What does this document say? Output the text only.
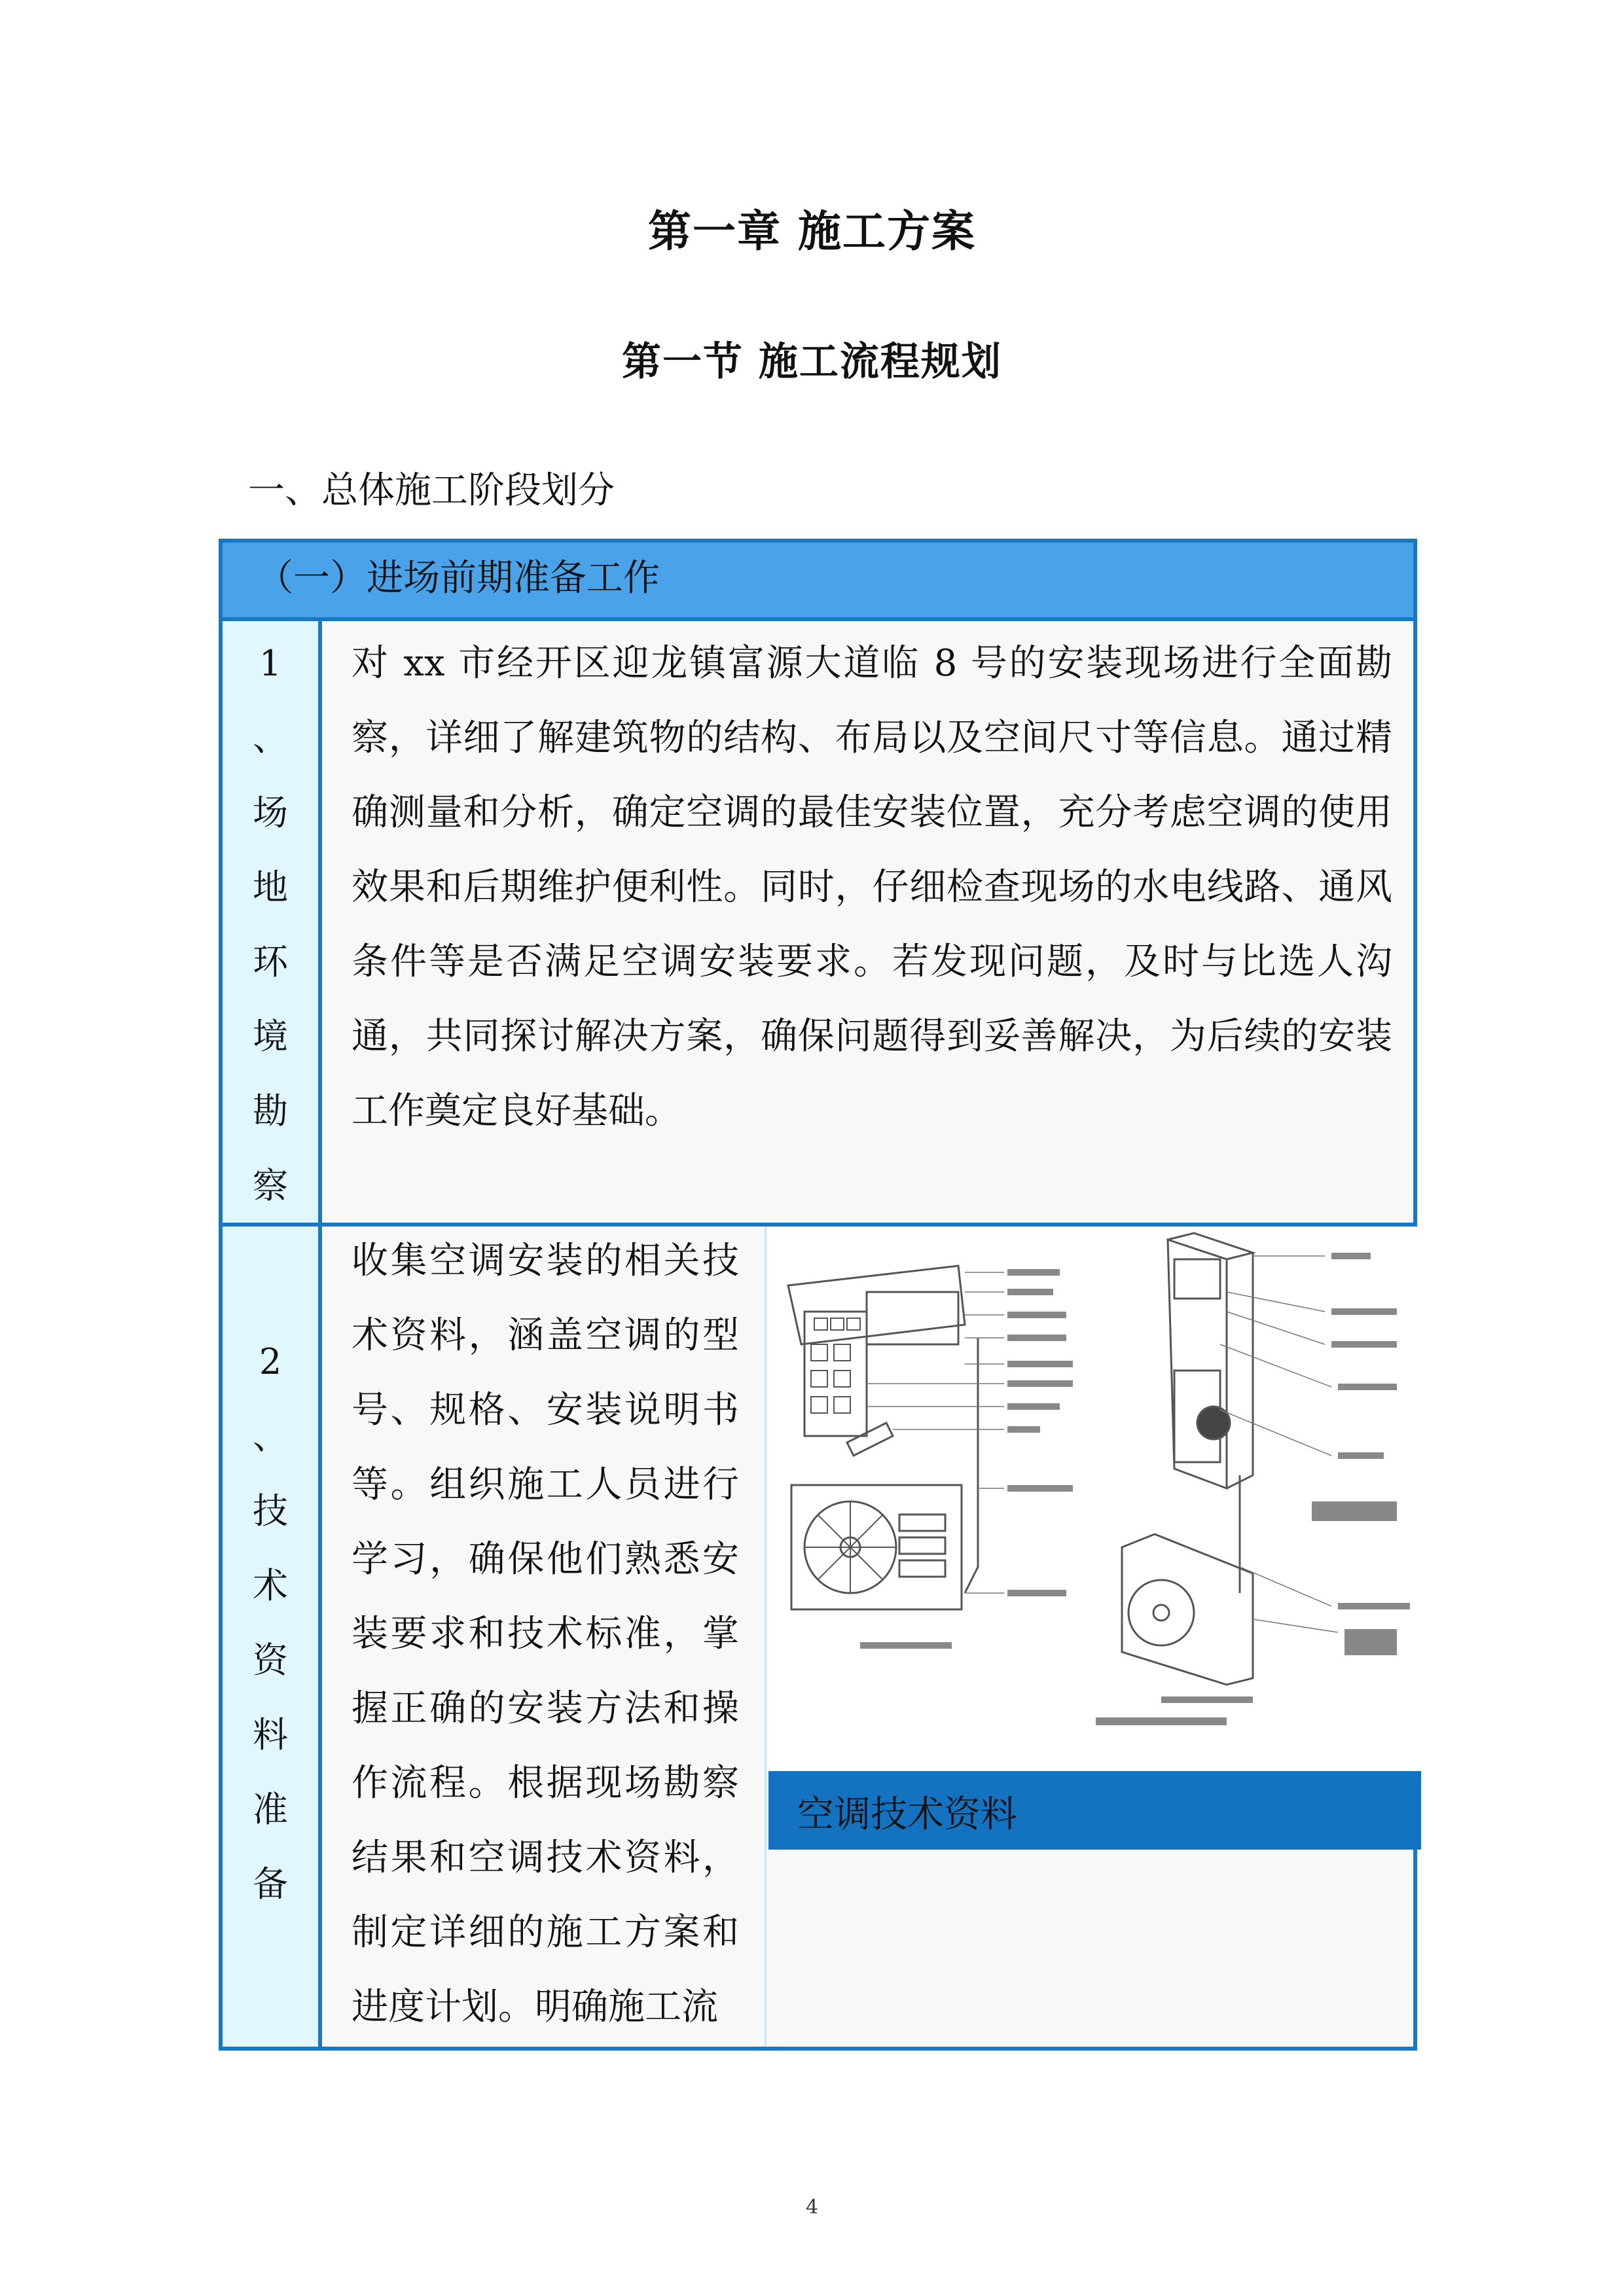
第一章 施工方案
第一节 施工流程规划
一、总体施工阶段划分
（一）进场前期准备工作
1
、
场
地
环
境
勘
察
对 xx 市经开区迎龙镇富源大道临 8 号的安装现场进行全面勘察，详细了解建筑物的结构、布局以及空间尺寸等信息。通过精确测量和分析，确定空调的最佳安装位置，充分考虑空调的使用效果和后期维护便利性。同时，仔细检查现场的水电线路、通风条件等是否满足空调安装要求。若发现问题，及时与比选人沟通，共同探讨解决方案，确保问题得到妥善解决，为后续的安装工作奠定良好基础。
2
、
技
术
资
料
准
备
收集空调安装的相关技术资料，涵盖空调的型号、规格、安装说明书等。组织施工人员进行学习，确保他们熟悉安装要求和技术标准，掌握正确的安装方法和操作流程。根据现场勘察结果和空调技术资料，制定详细的施工方案和进度计划。明确施工流
空调技术资料
4
